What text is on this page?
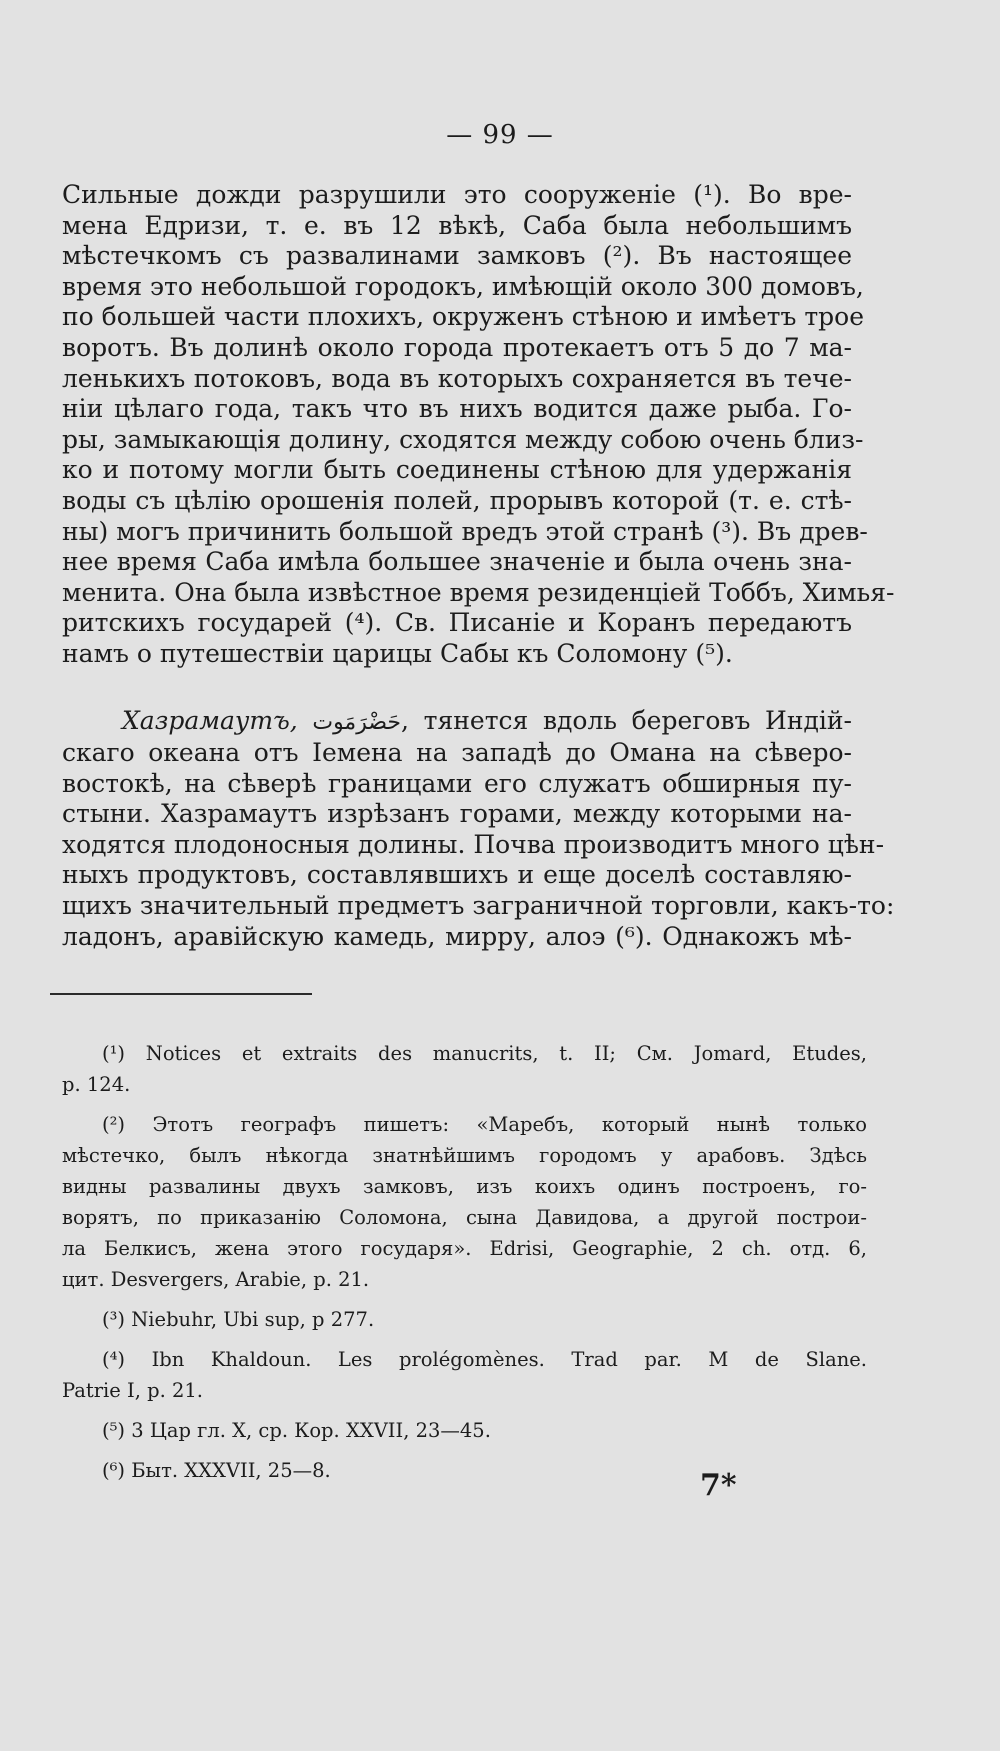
— 99 —
Сильные дожди разрушили это сооруженіе (¹). Во вре-
мена Едризи, т. е. въ 12 вѣкѣ, Саба была небольшимъ
мѣстечкомъ съ развалинами замковъ (²). Въ настоящее
время это небольшой городокъ, имѣющій около 300 домовъ,
по большей части плохихъ, окруженъ стѣною и имѣетъ трое
воротъ. Въ долинѣ около города протекаетъ отъ 5 до 7 ма-
ленькихъ потоковъ, вода въ которыхъ сохраняется въ тече-
ніи цѣлаго года, такъ что въ нихъ водится даже рыба. Го-
ры, замыкающія долину, сходятся между собою очень близ-
ко и потому могли быть соединены стѣною для удержанія
воды съ цѣлію орошенія полей, прорывъ которой (т. е. стѣ-
ны) могъ причинить большой вредъ этой странѣ (³). Въ древ-
нее время Саба имѣла большее значеніе и была очень зна-
менита. Она была извѣстное время резиденціей Тоббъ, Химья-
ритскихъ государей (⁴). Св. Писаніе и Коранъ передаютъ
намъ о путешествіи царицы Сабы къ Соломону (⁵).
Хазрамаутъ, حَضْرَمَوت, тянется вдоль береговъ Индій-
скаго океана отъ Іемена на западѣ до Омана на сѣверо-
востокѣ, на сѣверѣ границами его служатъ обширныя пу-
стыни. Хазрамаутъ изрѣзанъ горами, между которыми на-
ходятся плодоносныя долины. Почва производитъ много цѣн-
ныхъ продуктовъ, составлявшихъ и еще доселѣ составляю-
щихъ значительный предметъ заграничной торговли, какъ-то:
ладонъ, аравійскую камедь, мирру, алоэ (⁶). Однакожъ мѣ-
(¹) Notices et extraits des manucrits, t. II; См. Jomard, Etudes,
p. 124.
(²) Этотъ географъ пишетъ: «Маребъ, который нынѣ только
мѣстечко, былъ нѣкогда знатнѣйшимъ городомъ у арабовъ. Здѣсь
видны развалины двухъ замковъ, изъ коихъ одинъ построенъ, го-
ворятъ, по приказанію Соломона, сына Давидова, а другой построи-
ла Белкисъ, жена этого государя». Edrisi, Geographie, 2 ch. отд. 6,
цит. Desvergers, Arabie, p. 21.
(³) Niebuhr, Ubi sup, p 277.
(⁴) Ibn Khaldoun. Les prolégomènes. Trad par. M de Slane.
Patrie I, p. 21.
(⁵) 3 Цар гл. X, ср. Кор. XXVII, 23—45.
(⁶) Быт. XXXVII, 25—8.	7*
